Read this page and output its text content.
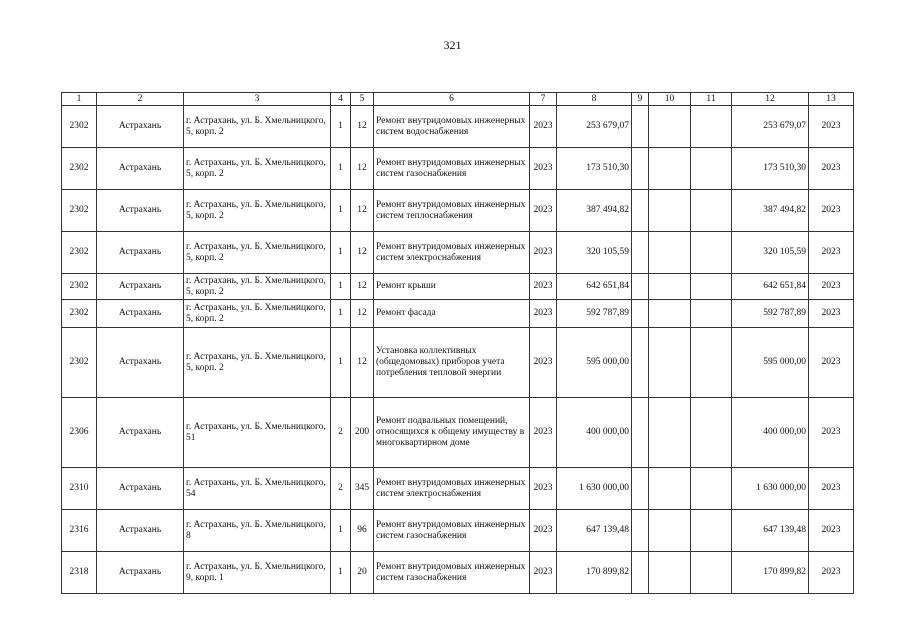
321
1	2	3	4	5	6	7	8	9	10	11	12	13
2302	Астрахань	г. Астрахань, ул. Б. Хмельницкого, 5, корп. 2	1	12	Ремонт внутридомовых инженерных систем водоснабжения	2023	253 679,07				253 679,07	2023
2302	Астрахань	г. Астрахань, ул. Б. Хмельницкого, 5, корп. 2	1	12	Ремонт внутридомовых инженерных систем газоснабжения	2023	173 510,30				173 510,30	2023
2302	Астрахань	г. Астрахань, ул. Б. Хмельницкого, 5, корп. 2	1	12	Ремонт внутридомовых инженерных систем теплоснабжения	2023	387 494,82				387 494,82	2023
2302	Астрахань	г. Астрахань, ул. Б. Хмельницкого, 5, корп. 2	1	12	Ремонт внутридомовых инженерных систем электроснабжения	2023	320 105,59				320 105,59	2023
2302	Астрахань	г. Астрахань, ул. Б. Хмельницкого, 5, корп. 2	1	12	Ремонт крыши	2023	642 651,84				642 651,84	2023
2302	Астрахань	г. Астрахань, ул. Б. Хмельницкого, 5, корп. 2	1	12	Ремонт фасада	2023	592 787,89				592 787,89	2023
2302	Астрахань	г. Астрахань, ул. Б. Хмельницкого, 5, корп. 2	1	12	Установка коллективных (общедомовых) приборов учета потребления тепловой энергии	2023	595 000,00				595 000,00	2023
2306	Астрахань	г. Астрахань, ул. Б. Хмельницкого, 51	2	200	Ремонт подвальных помещений, относящихся к общему имуществу в многоквартирном доме	2023	400 000,00				400 000,00	2023
2310	Астрахань	г. Астрахань, ул. Б. Хмельницкого, 54	2	345	Ремонт внутридомовых инженерных систем электроснабжения	2023	1 630 000,00				1 630 000,00	2023
2316	Астрахань	г. Астрахань, ул. Б. Хмельницкого, 8	1	96	Ремонт внутридомовых инженерных систем газоснабжения	2023	647 139,48				647 139,48	2023
2318	Астрахань	г. Астрахань, ул. Б. Хмельницкого, 9, корп. 1	1	20	Ремонт внутридомовых инженерных систем газоснабжения	2023	170 899,82				170 899,82	2023
